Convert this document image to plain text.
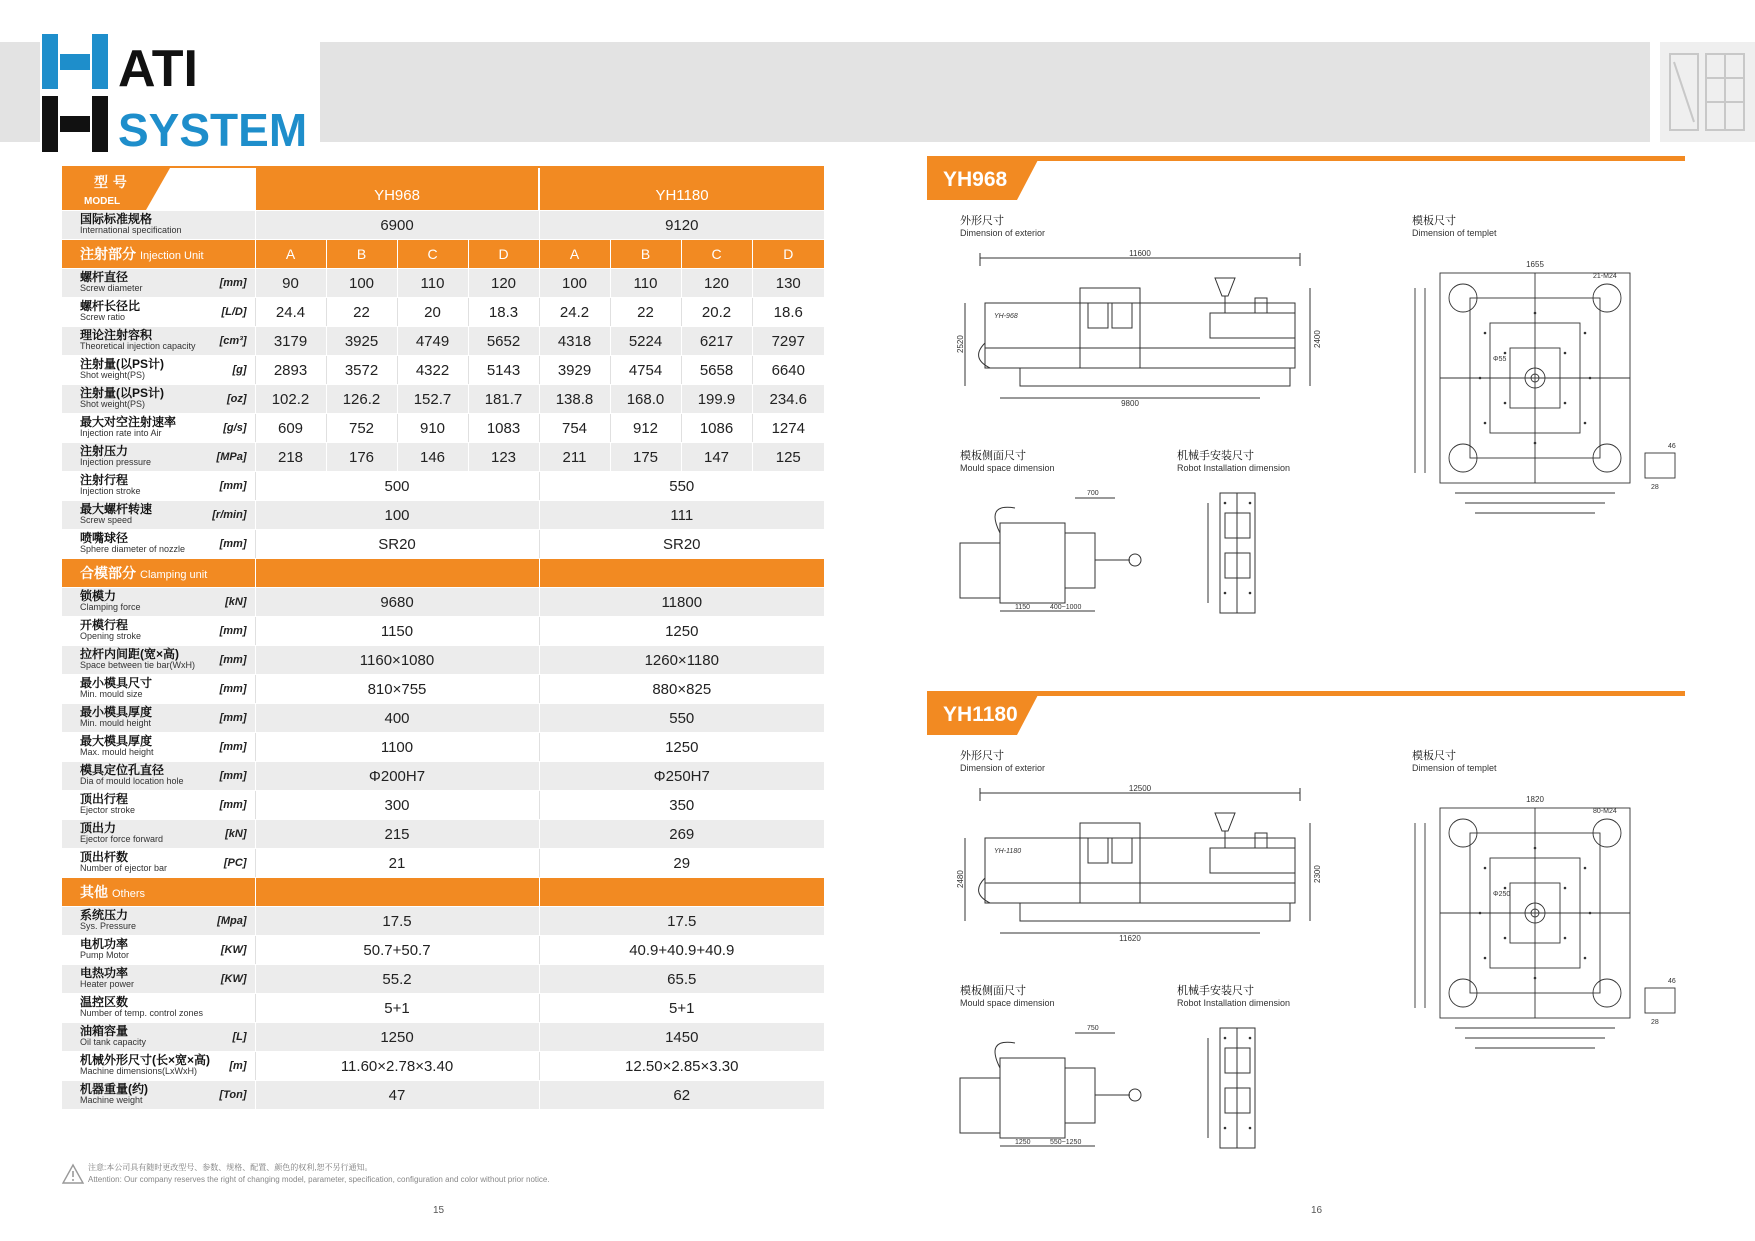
ATI
SYSTEM

	YH968				YH1180			

国际标准规格
International specification	6900				9120			
注射部分 Injection Unit	A	B	C	D	A	B	C	D

螺杆直径
Screw diameter [mm]	90	100	110	120	100	110	120	130

螺杆长径比
Screw ratio [L/D]	24.4	22	20	18.3	24.2	22	20.2	18.6

理论注射容积
Theoretical injection capacity [cm³]	3179	3925	4749	5652	4318	5224	6217	7297

注射量(以PS计)
Shot weight(PS) [g]	2893	3572	4322	5143	3929	4754	5658	6640

注射量(以PS计)
Shot weight(PS) [oz]	102.2	126.2	152.7	181.7	138.8	168.0	199.9	234.6

最大对空注射速率
Injection rate into Air [g/s]	609	752	910	1083	754	912	1086	1274

注射压力
Injection pressure [MPa]	218	176	146	123	211	175	147	125

注射行程
Injection stroke [mm]	500				550			

最大螺杆转速
Screw speed [r/min]	100				111			

喷嘴球径
Sphere diameter of nozzle [mm]	SR20				SR20			
合模部分 Clamping unit								

锁模力
Clamping force [kN]	9680				11800			

开模行程
Opening stroke [mm]	1150				1250			

拉杆内间距(宽×高)
Space between tie bar(WxH) [mm]	1160×1080				1260×1180			

最小模具尺寸
Min. mould size [mm]	810×755				880×825			

最小模具厚度
Min. mould height [mm]	400				550			

最大模具厚度
Max. mould height [mm]	1100				1250			

模具定位孔直径
Dia of mould location hole [mm]	Φ200H7				Φ250H7			

顶出行程
Ejector stroke [mm]	300				350			

顶出力
Ejector force forward [kN]	215				269			

顶出杆数
Number of ejector bar [PC]	21				29			
其他 Others								

系统压力
Sys. Pressure [Mpa]	17.5				17.5			

电机功率
Pump Motor [KW]	50.7+50.7				40.9+40.9+40.9			

电热功率
Heater power [KW]	55.2				65.5			

温控区数
Number of temp. control zones	5+1				5+1			

油箱容量
Oil tank capacity [L]	1250				1450			

机械外形尺寸(长×宽×高)
Machine dimensions(LxWxH) [m]	11.60×2.78×3.40				12.50×2.85×3.30			

机器重量(约)
Machine weight [Ton]	47				62			
型 号
MODEL
注意:本公司具有随时更改型号、参数、规格、配置、颜色的权利,恕不另行通知。
Attention: Our company reserves the right of changing model, parameter, specification, configuration and color without prior notice.
15	16
YH968
外形尺寸
Dimension of exterior
模板尺寸
Dimension of templet
模板侧面尺寸
Mould space dimension
机械手安装尺寸
Robot Installation dimension
11600
9800
2520	2400
YH-968
1655
Φ55
21-M24
46
28
1150	400~1000
700
YH1180
外形尺寸
Dimension of exterior
模板尺寸
Dimension of templet
模板侧面尺寸
Mould space dimension
机械手安装尺寸
Robot Installation dimension
12500
11620
2480	2300
YH-1180
1820
Φ250
80-M24
46
28
1250	550~1250
750
